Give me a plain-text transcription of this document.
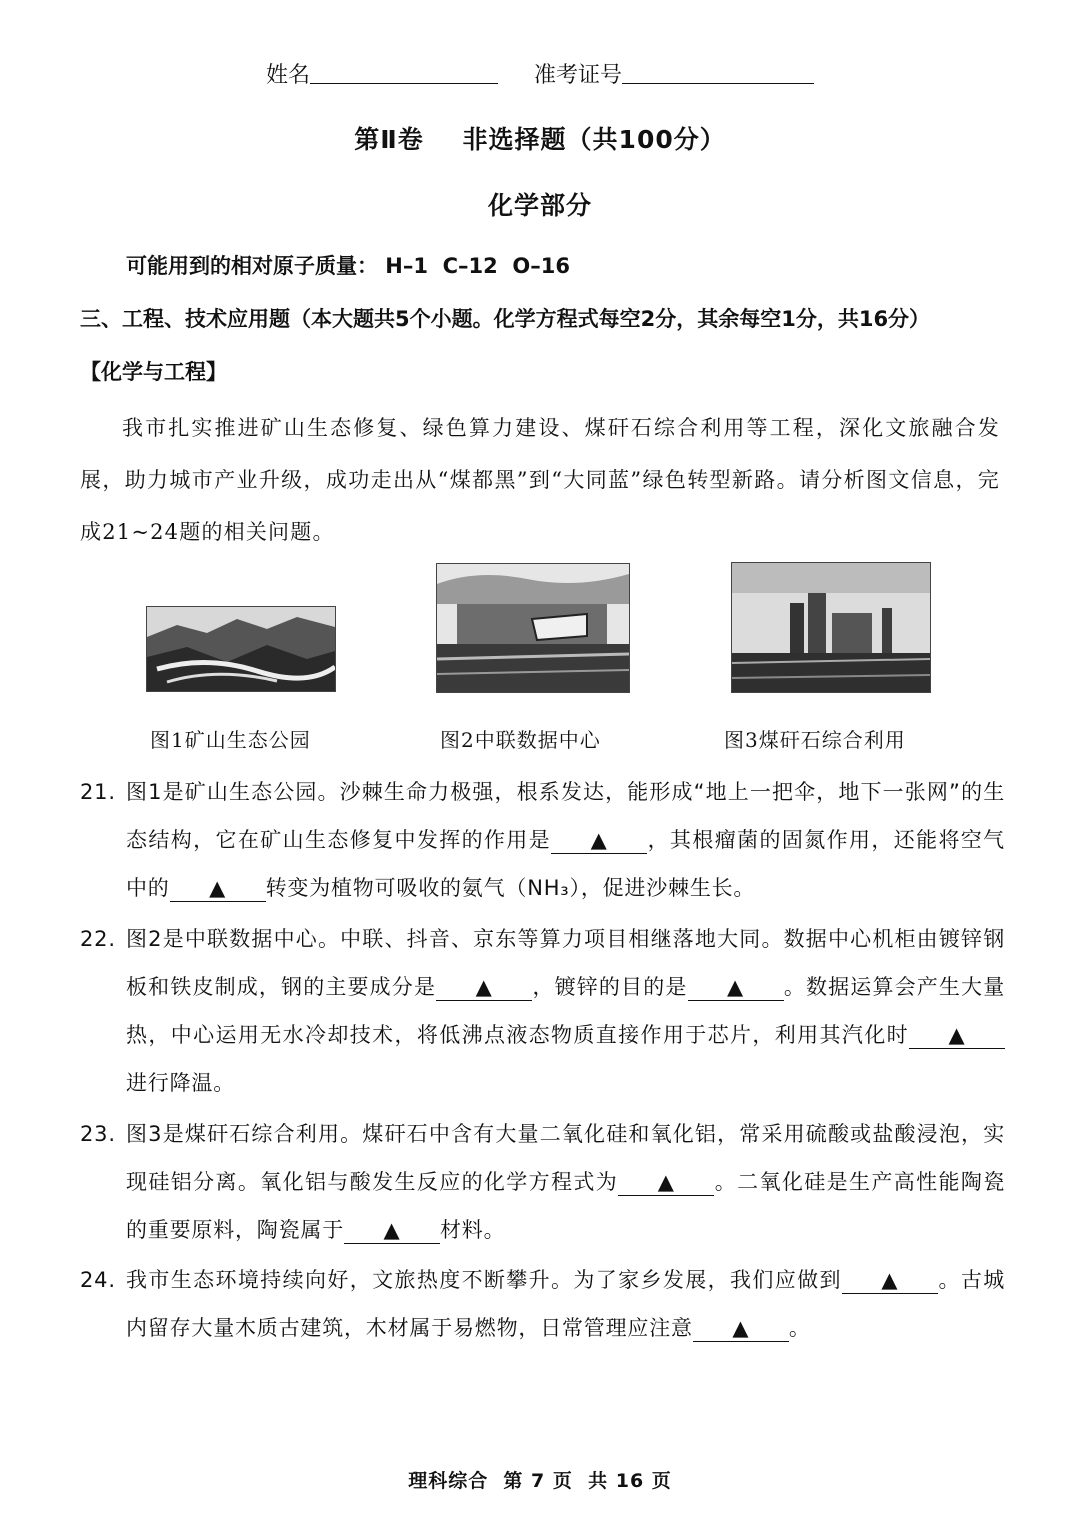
姓名	准考证号
第Ⅱ卷    非选择题（共100分）
化学部分
可能用到的相对原子质量： H–1  C–12  O–16
三、工程、技术应用题（本大题共5个小题。化学方程式每空2分，其余每空1分，共16分）
【化学与工程】
我市扎实推进矿山生态修复、绿色算力建设、煤矸石综合利用等工程，深化文旅融合发展，助力城市产业升级，成功走出从“煤都黑”到“大同蓝”绿色转型新路。请分析图文信息，完成21~24题的相关问题。
图1矿山生态公园	图2中联数据中心	图3煤矸石综合利用

21. 图1是矿山生态公园。沙棘生命力极强，根系发达，能形成“地上一把伞，地下一张网”的生态结构，它在矿山生态修复中发挥的作用是 ▲ ，其根瘤菌的固氮作用，还能将空气中的 ▲ 转变为植物可吸收的氨气（NH₃），促进沙棘生长。
22. 图2是中联数据中心。中联、抖音、京东等算力项目相继落地大同。数据中心机柜由镀锌钢板和铁皮制成，钢的主要成分是 ▲ ，镀锌的目的是 ▲ 。数据运算会产生大量热，中心运用无水冷却技术，将低沸点液态物质直接作用于芯片，利用其汽化时 ▲进行降温。
23. 图3是煤矸石综合利用。煤矸石中含有大量二氧化硅和氧化铝，常采用硫酸或盐酸浸泡，实现硅铝分离。氧化铝与酸发生反应的化学方程式为 ▲ 。二氧化硅是生产高性能陶瓷的重要原料，陶瓷属于 ▲ 材料。
24. 我市生态环境持续向好，文旅热度不断攀升。为了家乡发展，我们应做到 ▲ 。古城内留存大量木质古建筑，木材属于易燃物，日常管理应注意 ▲ 。
理科综合  第 7 页  共 16 页
